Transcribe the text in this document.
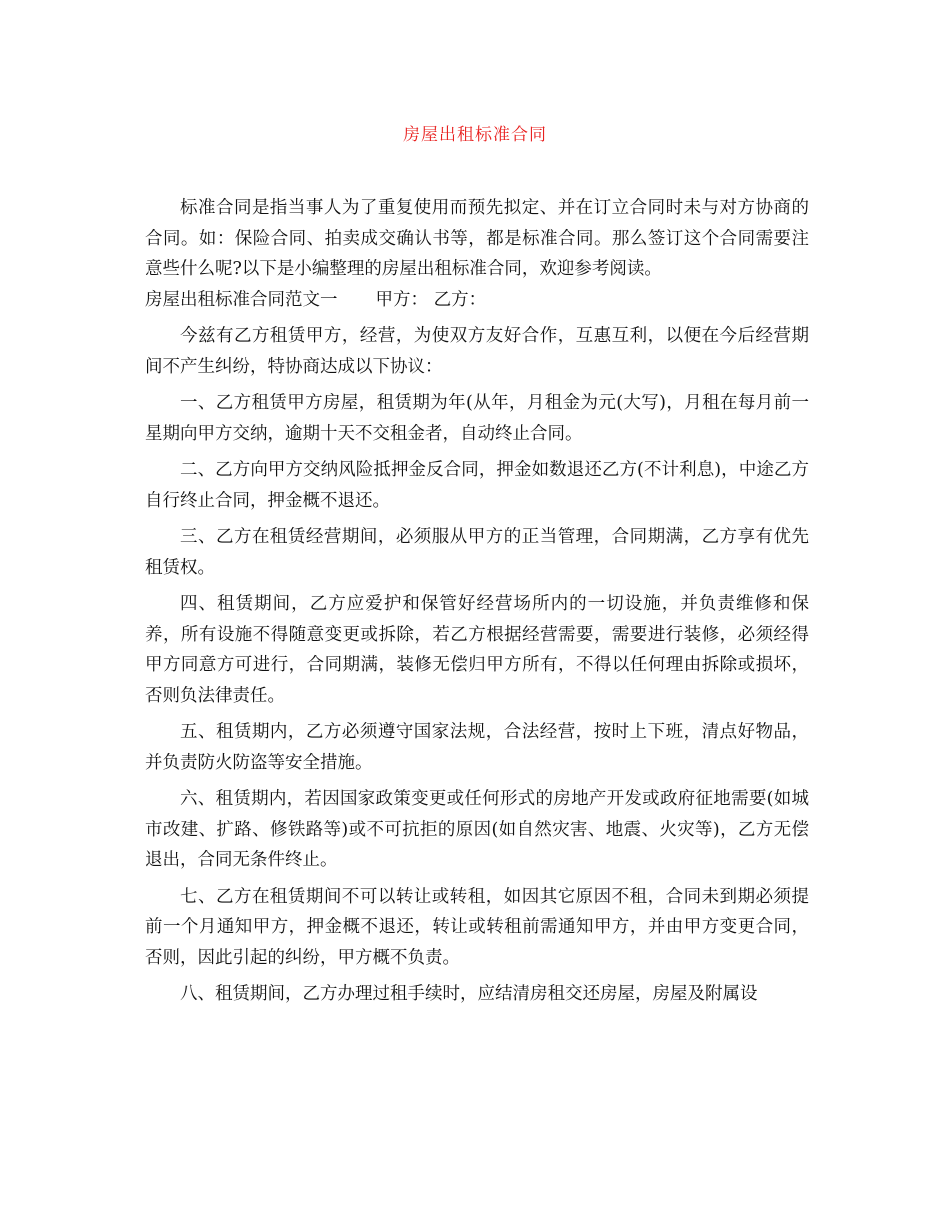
房屋出租标准合同

标准合同是指当事人为了重复使用而预先拟定、并在订立合同时未与对方协商的合同。如：保险合同、拍卖成交确认书等，都是标准合同。那么签订这个合同需要注意些什么呢?以下是小编整理的房屋出租标准合同，欢迎参考阅读。

房屋出租标准合同范文一 甲方： 乙方：

今兹有乙方租赁甲方，经营，为使双方友好合作，互惠互利，以便在今后经营期间不产生纠纷，特协商达成以下协议：

一、乙方租赁甲方房屋，租赁期为年(从年，月租金为元(大写)，月租在每月前一星期向甲方交纳，逾期十天不交租金者，自动终止合同。

二、乙方向甲方交纳风险抵押金反合同，押金如数退还乙方(不计利息)，中途乙方自行终止合同，押金概不退还。

三、乙方在租赁经营期间，必须服从甲方的正当管理，合同期满，乙方享有优先租赁权。

四、租赁期间，乙方应爱护和保管好经营场所内的一切设施，并负责维修和保养，所有设施不得随意变更或拆除，若乙方根据经营需要，需要进行装修，必须经得甲方同意方可进行，合同期满，装修无偿归甲方所有，不得以任何理由拆除或损坏，否则负法律责任。

五、租赁期内，乙方必须遵守国家法规，合法经营，按时上下班，清点好物品，并负责防火防盗等安全措施。

六、租赁期内，若因国家政策变更或任何形式的房地产开发或政府征地需要(如城市改建、扩路、修铁路等)或不可抗拒的原因(如自然灾害、地震、火灾等)，乙方无偿退出，合同无条件终止。

七、乙方在租赁期间不可以转让或转租，如因其它原因不租，合同未到期必须提前一个月通知甲方，押金概不退还，转让或转租前需通知甲方，并由甲方变更合同，否则，因此引起的纠纷，甲方概不负责。

八、租赁期间，乙方办理过租手续时，应结清房租交还房屋，房屋及附属设
